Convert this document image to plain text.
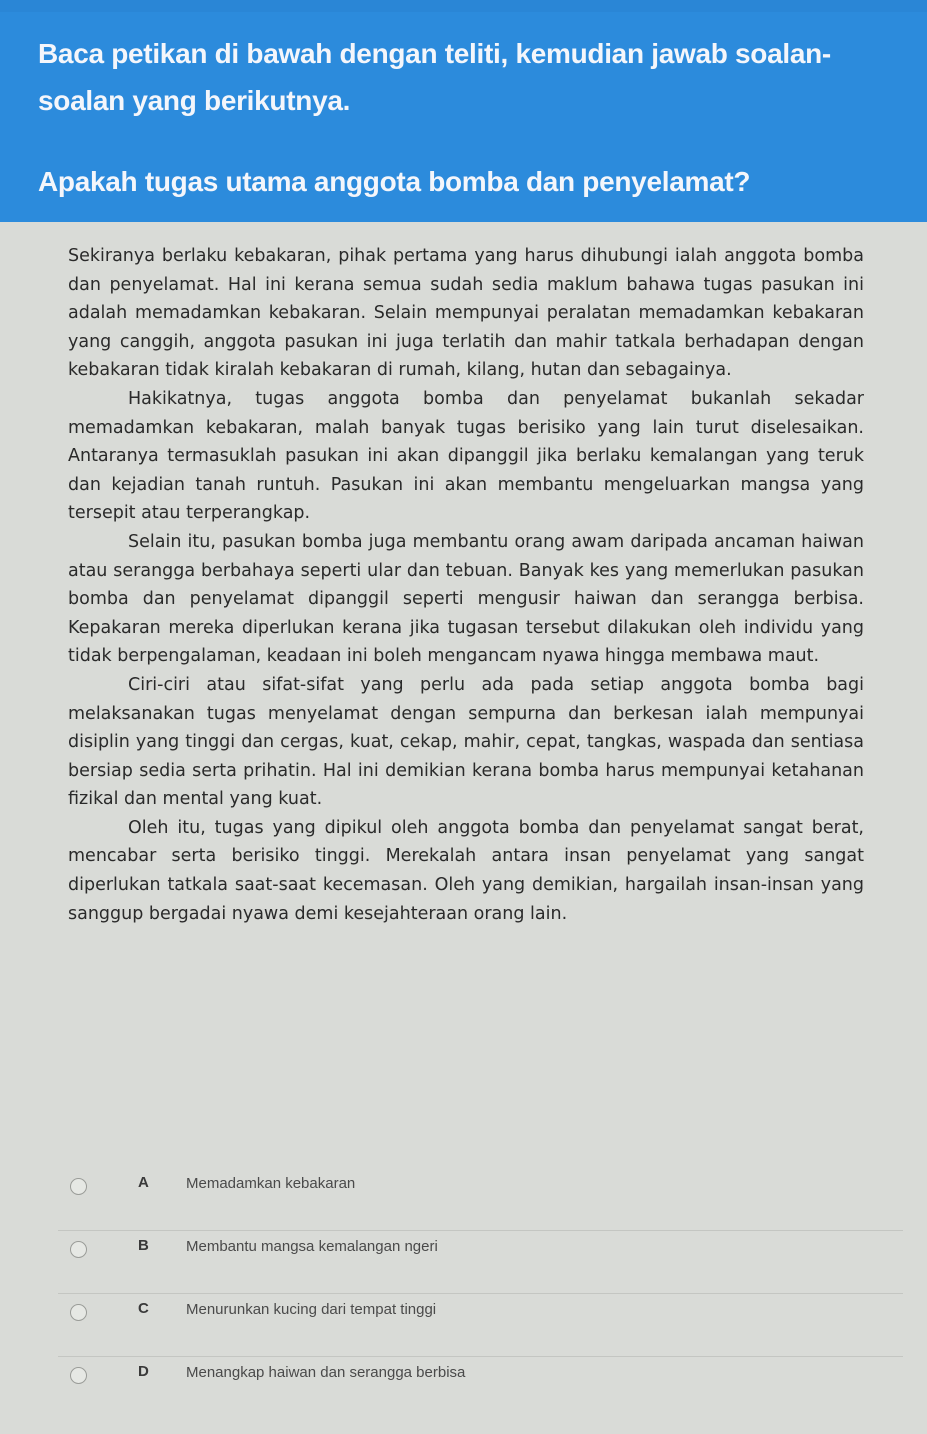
Baca petikan di bawah dengan teliti, kemudian jawab soalan-soalan yang berikutnya.
Apakah tugas utama anggota bomba dan penyelamat?

Sekiranya berlaku kebakaran, pihak pertama yang harus dihubungi ialah anggota bomba dan penyelamat. Hal ini kerana semua sudah sedia maklum bahawa tugas pasukan ini adalah memadamkan kebakaran. Selain mempunyai peralatan memadamkan kebakaran yang canggih, anggota pasukan ini juga terlatih dan mahir tatkala berhadapan dengan kebakaran tidak kiralah kebakaran di rumah, kilang, hutan dan sebagainya.

Hakikatnya, tugas anggota bomba dan penyelamat bukanlah sekadar memadamkan kebakaran, malah banyak tugas berisiko yang lain turut diselesaikan. Antaranya termasuklah pasukan ini akan dipanggil jika berlaku kemalangan yang teruk dan kejadian tanah runtuh. Pasukan ini akan membantu mengeluarkan mangsa yang tersepit atau terperangkap.

Selain itu, pasukan bomba juga membantu orang awam daripada ancaman haiwan atau serangga berbahaya seperti ular dan tebuan. Banyak kes yang memerlukan pasukan bomba dan penyelamat dipanggil seperti mengusir haiwan dan serangga berbisa. Kepakaran mereka diperlukan kerana jika tugasan tersebut dilakukan oleh individu yang tidak berpengalaman, keadaan ini boleh mengancam nyawa hingga membawa maut.

Ciri-ciri atau sifat-sifat yang perlu ada pada setiap anggota bomba bagi melaksanakan tugas menyelamat dengan sempurna dan berkesan ialah mempunyai disiplin yang tinggi dan cergas, kuat, cekap, mahir, cepat, tangkas, waspada dan sentiasa bersiap sedia serta prihatin. Hal ini demikian kerana bomba harus mempunyai ketahanan fizikal dan mental yang kuat.

Oleh itu, tugas yang dipikul oleh anggota bomba dan penyelamat sangat berat, mencabar serta berisiko tinggi. Merekalah antara insan penyelamat yang sangat diperlukan tatkala saat-saat kecemasan. Oleh yang demikian, hargailah insan-insan yang sanggup bergadai nyawa demi kesejahteraan orang lain.

A Memadamkan kebakaran
B Membantu mangsa kemalangan ngeri
C Menurunkan kucing dari tempat tinggi
D Menangkap haiwan dan serangga berbisa
